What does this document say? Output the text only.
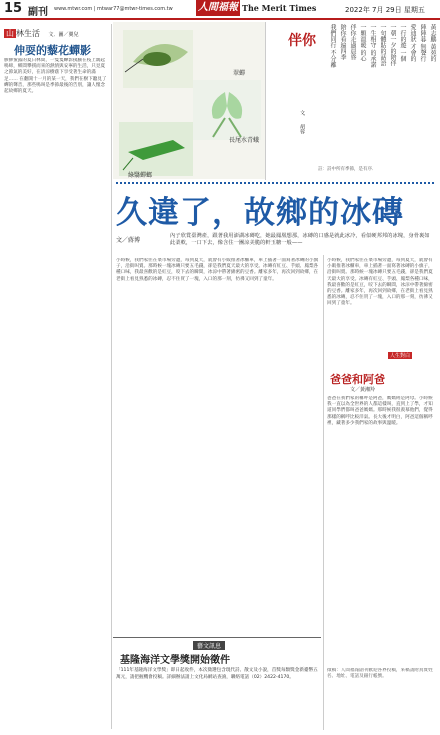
15 副刊 www.mtwr.com | mtwar77@mtwr-times.com.tw	人間福報 The Merit Times	2022年 7月 29日 星期五
山 林生活 文．圖／翼兒
伸耍的藜花蟬影
膠膠蜜露的夏日林間，一隻隻蟬影撲騰在枝上鵲起鳴啼，鄉間攀援而來的熱情與安寧的生活，只見夏之節氣的美好，在清涼樹蔭下享受著生命的滿足…… 在翻開十一月的某一天，我們在樹下聽見了蟬的聲音，那些鳴叫是季節最後的告別，讓人懷念起故鄉的夏天。
翠蟬
長尾水青蛾
綠翳蟬螂
伴你
文．
胡蓉
黃志鵬 黃苑的
陣陣暮 無聲行
愛迪狀 才會的
一行的遊 一個
一朝一夕的陪伴
一句體貼的話語
一生相守 的承諾
一顆溫暖 的心
伴你走過晨昏
陪你看遍四季
我們同行 不分離
註：詩中所有季節，是有序．
久違了，故鄉的冰磚
文／蔣博
內子欣賞臺灣產，跟著我用澎湖冰磚吃，她最鳳凰想那，冰磚的口感是就此冰冷，看似硬邦邦的冰塊，身骨裏如此柔軟，一口下去，像含住一團涼美脆的軒玉糖一般——
小時候，我們家住在菜市場旁邊，每到夏天，就會有小販推著冰櫃車，車上插著一面寫著冰磚的小旗子，沿街叫賣。那時候一塊冰磚只要五毛錢，卻是我們夏天最大的享受。冰磚有紅豆、芋頭、鳳梨各種口味，我最喜歡的是紅豆，咬下去的瞬間，冰涼中帶著綿密的豆香。離家多年，再次回到故鄉，在老街上看見熟悉的冰磚，忍不住買了一塊，入口的那一刻，彷彿又回到了童年。
小時候，我們家住在菜市場旁邊，每到夏天，就會有小販推著冰櫃車，車上插著一面寫著冰磚的小旗子，沿街叫賣。那時候一塊冰磚只要五毛錢，卻是我們夏天最大的享受。冰磚有紅豆、芋頭、鳳梨各種口味，我最喜歡的是紅豆，咬下去的瞬間，冰涼中帶著綿密的豆香。離家多年，再次回到故鄉，在老街上看見熟悉的冰磚，忍不住買了一塊，入口的那一刻，彷彿又回到了童年。
人生對白
爸爸和阿爸
文／黃湘羚
爸爸在我們家的稱呼是阿爸，媽媽則是阿母。小時候我一直以為全世界的人都這樣叫，直到上了學，才知道同學們都叫爸爸媽媽。那時候我很羨慕他們，覺得那樣的稱呼比較洋氣。長大後才明白，阿爸這個稱呼裡，藏著多少我們家的故事與溫暖。
徵稿：人間福報副刊歡迎各界投稿，來稿請附真實姓名、地址、電話及銀行帳號。
藝文訊息
基隆海洋文學獎開始徵件
「111年基隆海洋文學獎」即日起收件，本次徵選包含現代詩、散文及小說，首獎每類獎金新臺幣五萬元，請把握機會投稿。詳細辦法請上文化局網站查詢，聯絡電話（02）2422-4170。
